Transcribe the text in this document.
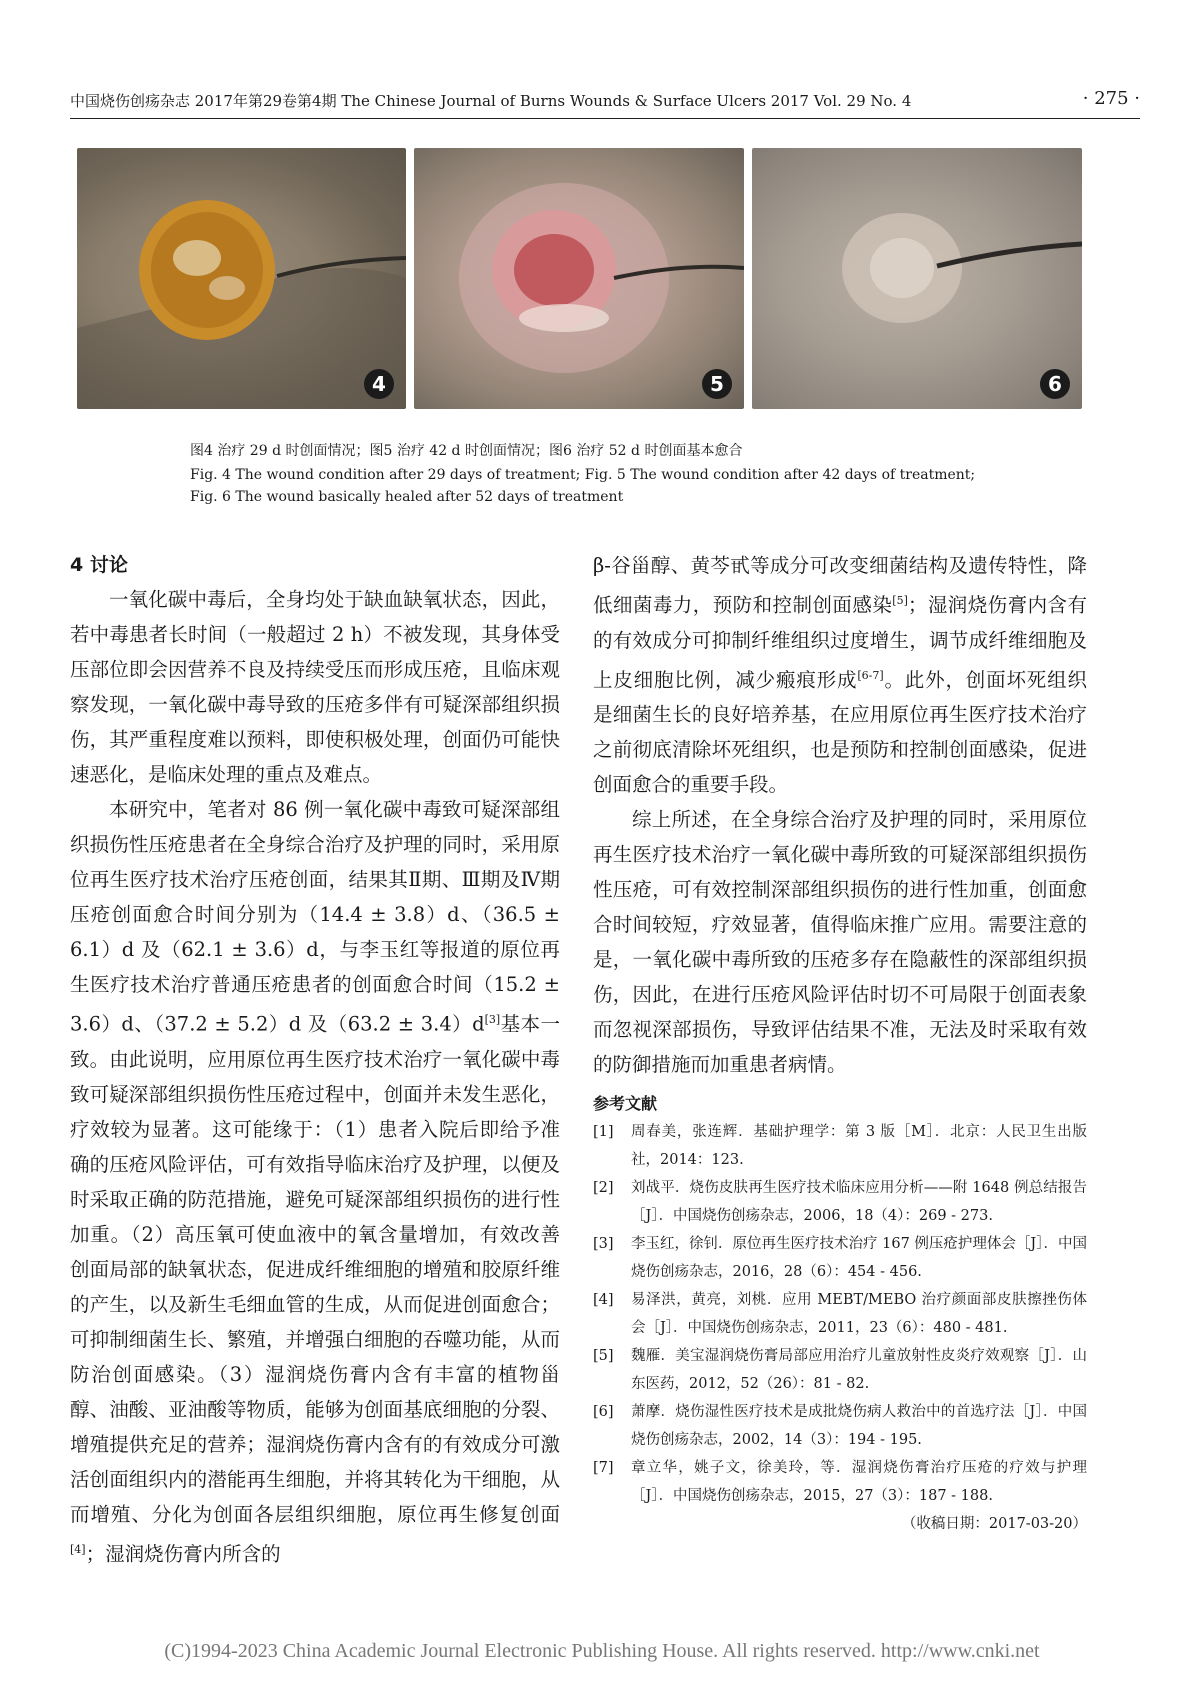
中国烧伤创疡杂志 2017年第29卷第4期 The Chinese Journal of Burns Wounds & Surface Ulcers 2017 Vol. 29 No. 4	· 275 ·
4	5	6
图4 治疗 29 d 时创面情况；图5 治疗 42 d 时创面情况；图6 治疗 52 d 时创面基本愈合
Fig. 4 The wound condition after 29 days of treatment; Fig. 5 The wound condition after 42 days of treatment;
Fig. 6 The wound basically healed after 52 days of treatment

4 讨论

一氧化碳中毒后，全身均处于缺血缺氧状态，因此，若中毒患者长时间（一般超过 2 h）不被发现，其身体受压部位即会因营养不良及持续受压而形成压疮，且临床观察发现，一氧化碳中毒导致的压疮多伴有可疑深部组织损伤，其严重程度难以预料，即使积极处理，创面仍可能快速恶化，是临床处理的重点及难点。

本研究中，笔者对 86 例一氧化碳中毒致可疑深部组织损伤性压疮患者在全身综合治疗及护理的同时，采用原位再生医疗技术治疗压疮创面，结果其Ⅱ期、Ⅲ期及Ⅳ期压疮创面愈合时间分别为（14.4 ± 3.8）d、（36.5 ± 6.1）d 及（62.1 ± 3.6）d，与李玉红等报道的原位再生医疗技术治疗普通压疮患者的创面愈合时间（15.2 ± 3.6）d、（37.2 ± 5.2）d 及（63.2 ± 3.4）d[3]基本一致。由此说明，应用原位再生医疗技术治疗一氧化碳中毒致可疑深部组织损伤性压疮过程中，创面并未发生恶化，疗效较为显著。这可能缘于：（1）患者入院后即给予准确的压疮风险评估，可有效指导临床治疗及护理，以便及时采取正确的防范措施，避免可疑深部组织损伤的进行性加重。（2）高压氧可使血液中的氧含量增加，有效改善创面局部的缺氧状态，促进成纤维细胞的增殖和胶原纤维的产生，以及新生毛细血管的生成，从而促进创面愈合；可抑制细菌生长、繁殖，并增强白细胞的吞噬功能，从而防治创面感染。（3）湿润烧伤膏内含有丰富的植物甾醇、油酸、亚油酸等物质，能够为创面基底细胞的分裂、增殖提供充足的营养；湿润烧伤膏内含有的有效成分可激活创面组织内的潜能再生细胞，并将其转化为干细胞，从而增殖、分化为创面各层组织细胞，原位再生修复创面[4]；湿润烧伤膏内所含的

β-谷甾醇、黄芩甙等成分可改变细菌结构及遗传特性，降低细菌毒力，预防和控制创面感染[5]；湿润烧伤膏内含有的有效成分可抑制纤维组织过度增生，调节成纤维细胞及上皮细胞比例，减少瘢痕形成[6-7]。此外，创面坏死组织是细菌生长的良好培养基，在应用原位再生医疗技术治疗之前彻底清除坏死组织，也是预防和控制创面感染，促进创面愈合的重要手段。

综上所述，在全身综合治疗及护理的同时，采用原位再生医疗技术治疗一氧化碳中毒所致的可疑深部组织损伤性压疮，可有效控制深部组织损伤的进行性加重，创面愈合时间较短，疗效显著，值得临床推广应用。需要注意的是，一氧化碳中毒所致的压疮多存在隐蔽性的深部组织损伤，因此，在进行压疮风险评估时切不可局限于创面表象而忽视深部损伤，导致评估结果不准，无法及时采取有效的防御措施而加重患者病情。

参考文献
[1]	周春美，张连辉．基础护理学：第 3 版［M］．北京：人民卫生出版社，2014：123.
[2]	刘战平．烧伤皮肤再生医疗技术临床应用分析——附 1648 例总结报告［J］．中国烧伤创疡杂志，2006，18（4）：269 - 273.
[3]	李玉红，徐钊．原位再生医疗技术治疗 167 例压疮护理体会［J］．中国烧伤创疡杂志，2016，28（6）：454 - 456.
[4]	易泽洪，黄亮，刘桃．应用 MEBT/MEBO 治疗颜面部皮肤擦挫伤体会［J］．中国烧伤创疡杂志，2011，23（6）：480 - 481.
[5]	魏雁．美宝湿润烧伤膏局部应用治疗儿童放射性皮炎疗效观察［J］．山东医药，2012，52（26）：81 - 82.
[6]	萧摩．烧伤湿性医疗技术是成批烧伤病人救治中的首选疗法［J］．中国烧伤创疡杂志，2002，14（3）：194 - 195.
[7]	章立华，姚子文，徐美玲，等．湿润烧伤膏治疗压疮的疗效与护理［J］．中国烧伤创疡杂志，2015，27（3）：187 - 188.
（收稿日期：2017-03-20）
(C)1994-2023 China Academic Journal Electronic Publishing House. All rights reserved. http://www.cnki.net
